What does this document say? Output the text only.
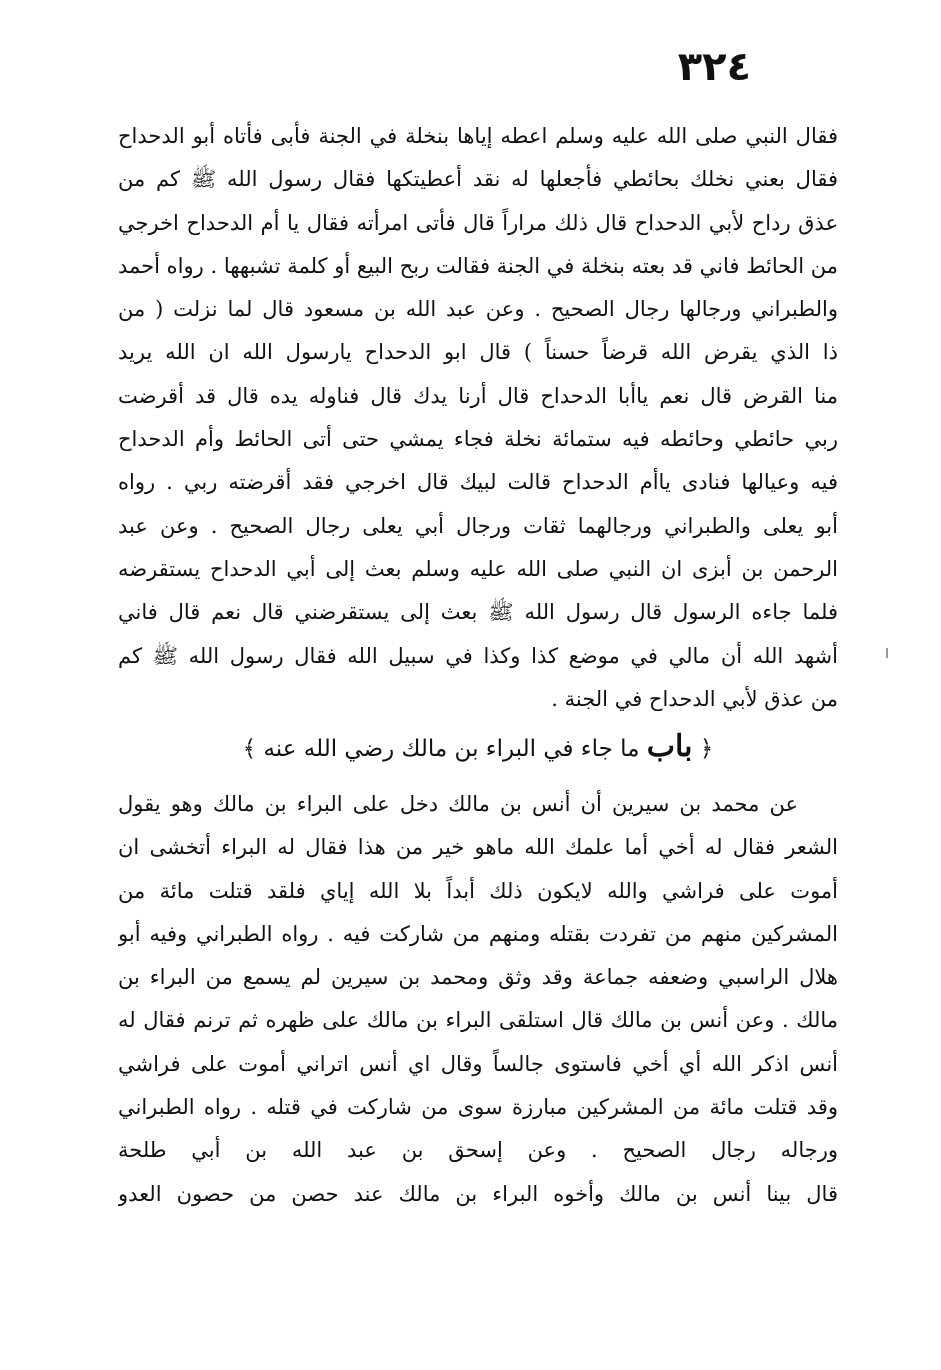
٣٢٤
فقال النبي صلى الله عليه وسلم اعطه إياها بنخلة في الجنة فأبى فأتاه أبو الدحداح
فقال بعني نخلك بحائطي فأجعلها له نقد أعطيتكها فقال رسول الله ﷺ كم من
عذق رداح لأبي الدحداح قال ذلك مراراً قال فأتى امرأته فقال يا أم الدحداح اخرجي
من الحائط فاني قد بعته بنخلة في الجنة فقالت ربح البيع أو كلمة تشبهها . رواه أحمد
والطبراني ورجالها رجال الصحيح . وعن عبد الله بن مسعود قال لما نزلت ( من
ذا الذي يقرض الله قرضاً حسناً ) قال ابو الدحداح يارسول الله ان الله يريد
منا القرض قال نعم ياأبا الدحداح قال أرنا يدك قال فناوله يده قال قد أقرضت
ربي حائطي وحائطه فيه ستمائة نخلة فجاء يمشي حتى أتى الحائط وأم الدحداح
فيه وعيالها فنادى ياأم الدحداح قالت لبيك قال اخرجي فقد أقرضته ربي . رواه
أبو يعلى والطبراني ورجالهما ثقات ورجال أبي يعلى رجال الصحيح . وعن عبد
الرحمن بن أبزى ان النبي صلى الله عليه وسلم بعث إلى أبي الدحداح يستقرضه
فلما جاءه الرسول قال رسول الله ﷺ بعث إلى يستقرضني قال نعم قال فاني
أشهد الله أن مالي في موضع كذا وكذا في سبيل الله فقال رسول الله ﷺ كم
من عذق لأبي الدحداح في الجنة .
﴿ باب ما جاء في البراء بن مالك رضي الله عنه ﴾
عن محمد بن سيرين أن أنس بن مالك دخل على البراء بن مالك وهو يقول
الشعر فقال له أخي أما علمك الله ماهو خير من هذا فقال له البراء أتخشى ان
أموت على فراشي والله لايكون ذلك أبداً بلا الله إياي فلقد قتلت مائة من
المشركين منهم من تفردت بقتله ومنهم من شاركت فيه . رواه الطبراني وفيه أبو
هلال الراسبي وضعفه جماعة وقد وثق ومحمد بن سيرين لم يسمع من البراء بن
مالك . وعن أنس بن مالك قال استلقى البراء بن مالك على ظهره ثم ترنم فقال له
أنس اذكر الله أي أخي فاستوى جالساً وقال اي أنس اتراني أموت على فراشي
وقد قتلت مائة من المشركين مبارزة سوى من شاركت في قتله . رواه الطبراني
ورجاله رجال الصحيح . وعن إسحق بن عبد الله بن أبي طلحة
قال بينا أنس بن مالك وأخوه البراء بن مالك عند حصن من حصون العدو
